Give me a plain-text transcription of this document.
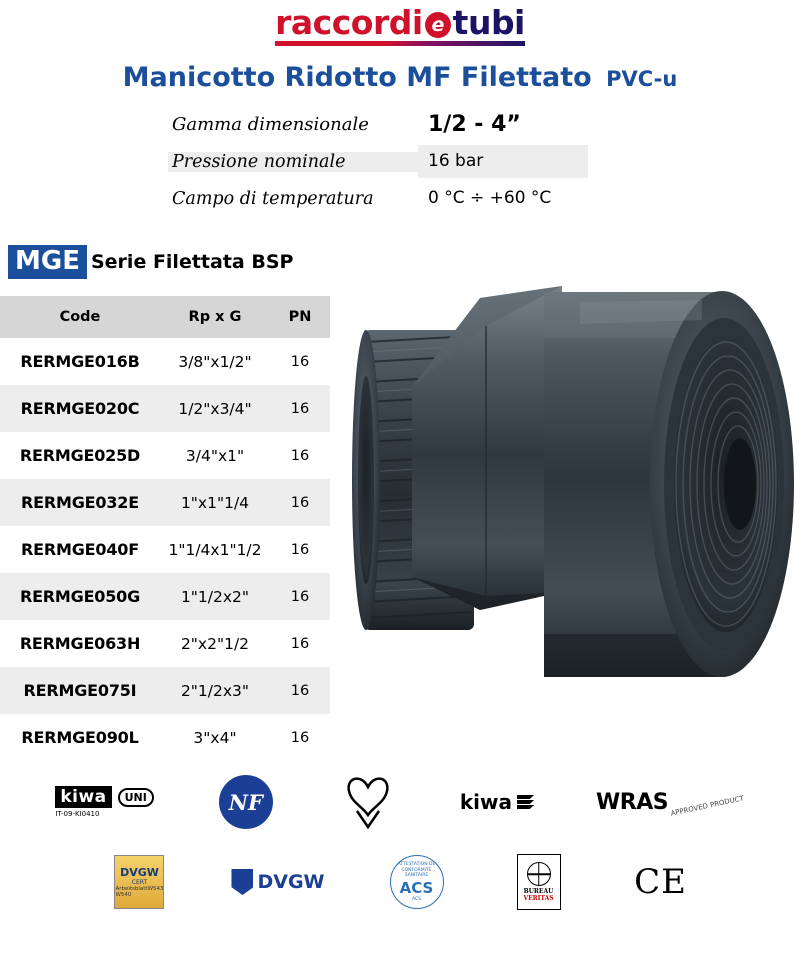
raccordi e tubi
Manicotto Ridotto MF Filettato PVC-u
Gamma dimensionale	1/2 - 4”
Pressione nominale	16 bar
Campo di temperatura	0 °C ÷ +60 °C
MGE Serie Filettata BSP
Code	Rp x G	PN
RERMGE016B	3/8"x1/2"	16
RERMGE020C	1/2"x3/4"	16
RERMGE025D	3/4"x1"	16
RERMGE032E	1"x1"1/4	16
RERMGE040F	1"1/4x1"1/2	16
RERMGE050G	1"1/2x2"	16
RERMGE063H	2"x2"1/2	16
RERMGE075I	2"1/2x3"	16
RERMGE090L	3"x4"	16
kiwa	UNI
IT-09-KI0410	NF	kiwa	WRAS APPROVED PRODUCT
DVGW
CERT
ArbeitsblattW543 W540
DVGW
ATTESTATION DE CONFORMITE SANITAIRE
ACS
ACS
BUREAU
VERITAS CE
